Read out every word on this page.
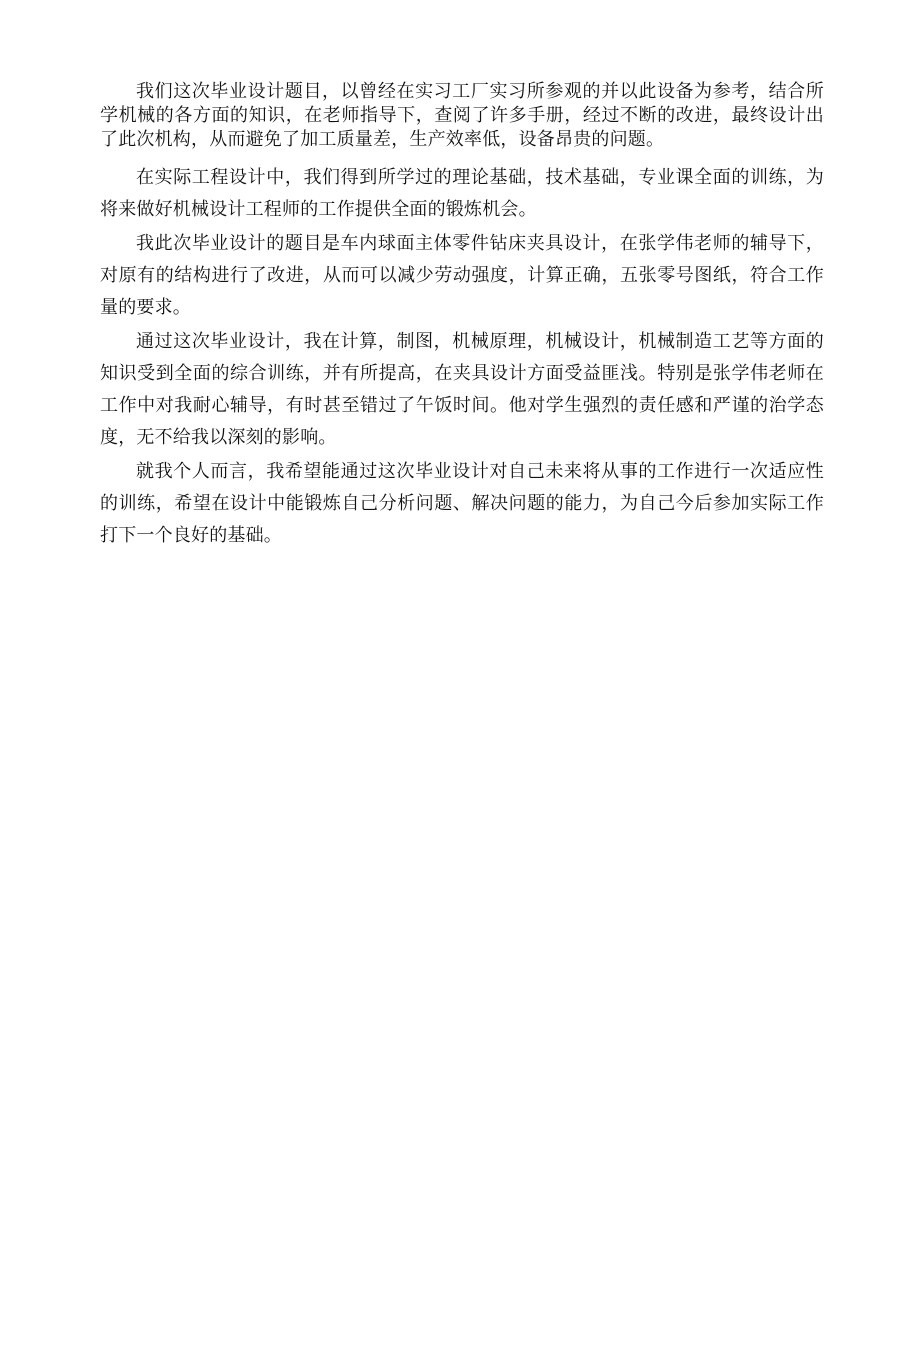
我们这次毕业设计题目，以曾经在实习工厂实习所参观的并以此设备为参考，结合所学机械的各方面的知识，在老师指导下，查阅了许多手册，经过不断的改进，最终设计出了此次机构，从而避免了加工质量差，生产效率低，设备昂贵的问题。

在实际工程设计中，我们得到所学过的理论基础，技术基础，专业课全面的训练，为将来做好机械设计工程师的工作提供全面的锻炼机会。

我此次毕业设计的题目是车内球面主体零件钻床夹具设计，在张学伟老师的辅导下，对原有的结构进行了改进，从而可以减少劳动强度，计算正确，五张零号图纸，符合工作量的要求。

通过这次毕业设计，我在计算，制图，机械原理，机械设计，机械制造工艺等方面的知识受到全面的综合训练，并有所提高，在夹具设计方面受益匪浅。特别是张学伟老师在工作中对我耐心辅导，有时甚至错过了午饭时间。他对学生强烈的责任感和严谨的治学态度，无不给我以深刻的影响。

就我个人而言，我希望能通过这次毕业设计对自己未来将从事的工作进行一次适应性的训练，希望在设计中能锻炼自己分析问题、解决问题的能力，为自己今后参加实际工作打下一个良好的基础。
